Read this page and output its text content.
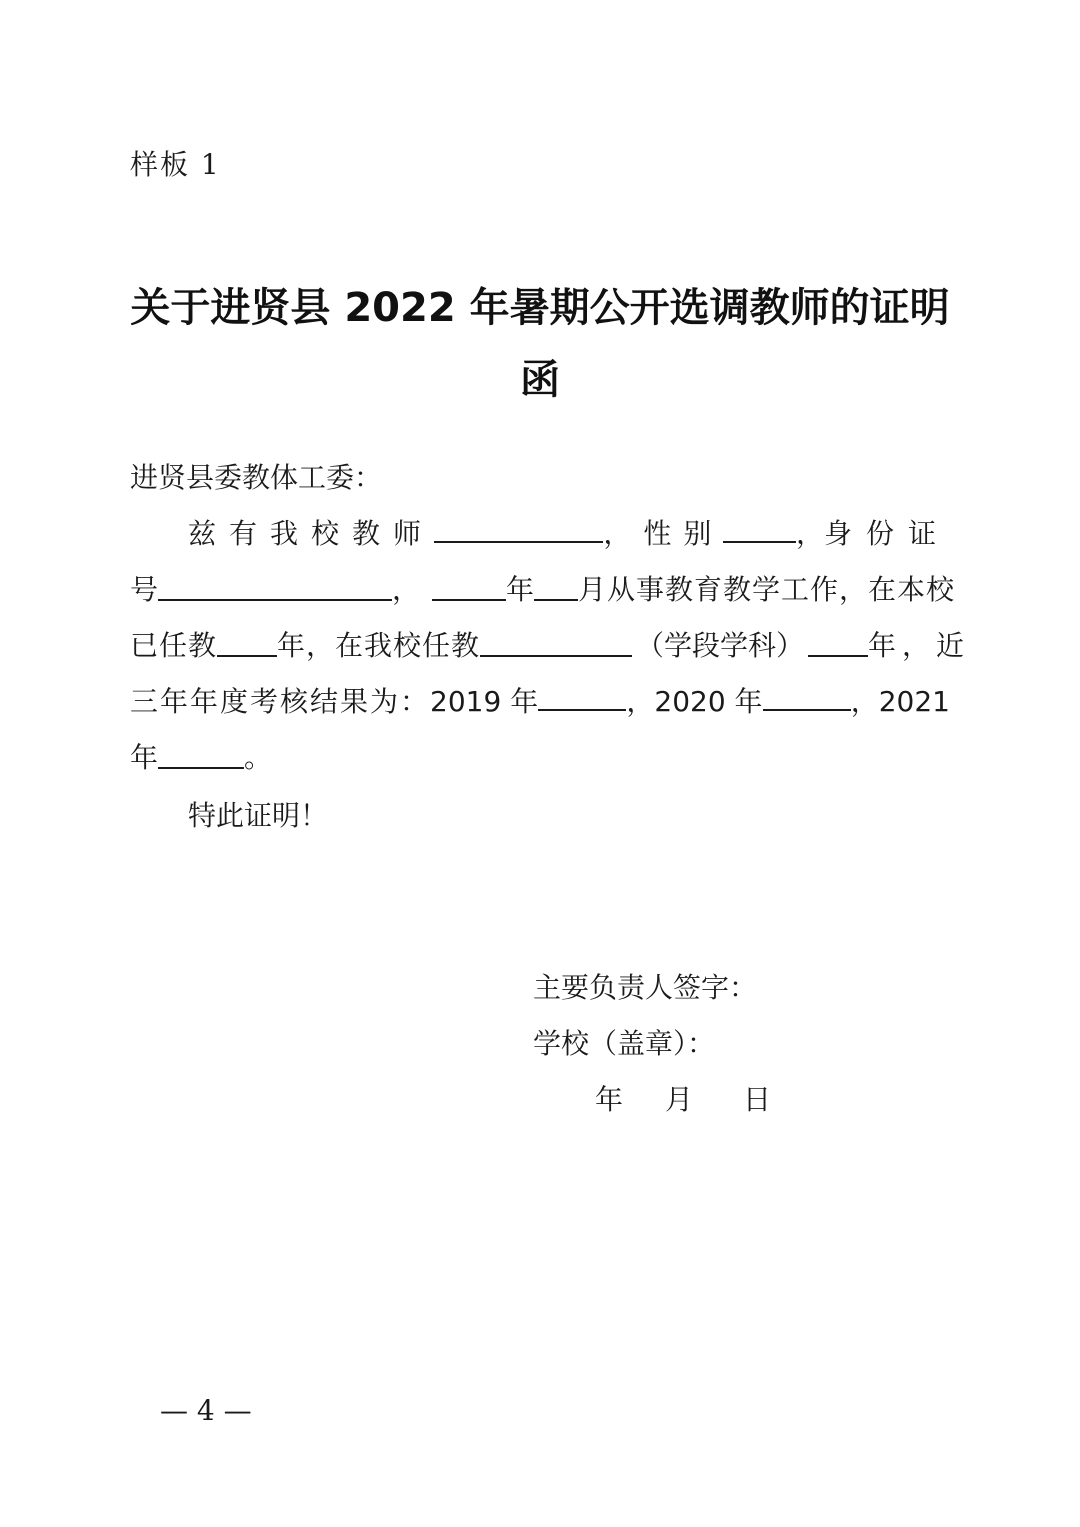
样板 1
关于进贤县 2022 年暑期公开选调教师的证明
函
进贤县委教体工委：
兹有我校教师	，性别	， 身份证
号	，	年 月从事教育教学工作，在本校
已任教 年，在我校任教	（学段学科） 年，近
三年年度考核结果为： 2019 年	， 2020 年	， 2021
年	。
特此证明！
主要负责人签字：
学校（盖章）：
年 月 日
— 4 —
